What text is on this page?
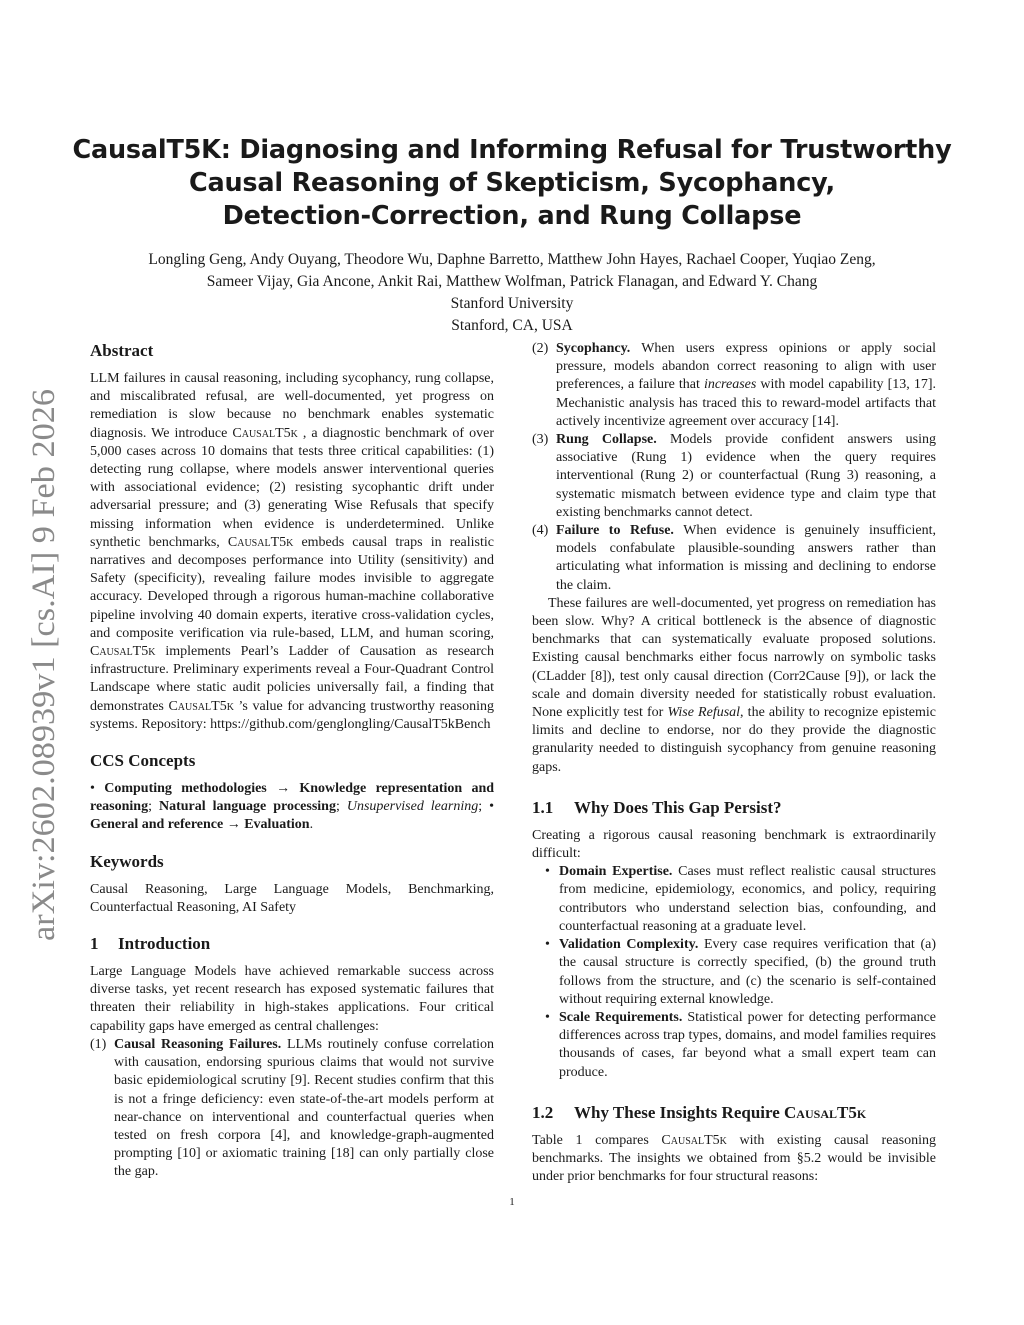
arXiv:2602.08939v1 [cs.AI] 9 Feb 2026
CausalT5K: Diagnosing and Informing Refusal for Trustworthy
Causal Reasoning of Skepticism, Sycophancy,
Detection-Correction, and Rung Collapse
Longling Geng, Andy Ouyang, Theodore Wu, Daphne Barretto, Matthew John Hayes, Rachael Cooper, Yuqiao Zeng,
Sameer Vijay, Gia Ancone, Ankit Rai, Matthew Wolfman, Patrick Flanagan, and Edward Y. Chang
Stanford University
Stanford, CA, USA
Abstract

LLM failures in causal reasoning, including sycophancy, rung collapse, and miscalibrated refusal, are well-documented, yet progress on remediation is slow because no benchmark enables systematic diagnosis. We introduce CausalT5k , a diagnostic benchmark of over 5,000 cases across 10 domains that tests three critical capabilities: (1) detecting rung collapse, where models answer interventional queries with associational evidence; (2) resisting sycophantic drift under adversarial pressure; and (3) generating Wise Refusals that specify missing information when evidence is underdetermined. Unlike synthetic benchmarks, CausalT5k embeds causal traps in realistic narratives and decomposes performance into Utility (sensitivity) and Safety (specificity), revealing failure modes invisible to aggregate accuracy. Developed through a rigorous human-machine collaborative pipeline involving 40 domain experts, iterative cross-validation cycles, and composite verification via rule-based, LLM, and human scoring, CausalT5k implements Pearl’s Ladder of Causation as research infrastructure. Preliminary experiments reveal a Four-Quadrant Control Landscape where static audit policies universally fail, a finding that demonstrates CausalT5k ’s value for advancing trustworthy reasoning systems. Repository: https://github.com/genglongling/CausalT5kBench

CCS Concepts

• Computing methodologies → Knowledge representation and reasoning; Natural language processing; Unsupervised learning; • General and reference → Evaluation.

Keywords

Causal Reasoning, Large Language Models, Benchmarking, Counterfactual Reasoning, AI Safety

1 Introduction

Large Language Models have achieved remarkable success across diverse tasks, yet recent research has exposed systematic failures that threaten their reliability in high-stakes applications. Four critical capability gaps have emerged as central challenges:

(1) Causal Reasoning Failures. LLMs routinely confuse correlation with causation, endorsing spurious claims that would not survive basic epidemiological scrutiny [9]. Recent studies confirm that this is not a fringe deficiency: even state-of-the-art models perform at near-chance on interventional and counterfactual queries when tested on fresh corpora [4], and knowledge-graph-augmented prompting [10] or axiomatic training [18] can only partially close the gap.
(2) Sycophancy. When users express opinions or apply social pressure, models abandon correct reasoning to align with user preferences, a failure that increases with model capability [13, 17]. Mechanistic analysis has traced this to reward-model artifacts that actively incentivize agreement over accuracy [14].
(3) Rung Collapse. Models provide confident answers using associative (Rung 1) evidence when the query requires interventional (Rung 2) or counterfactual (Rung 3) reasoning, a systematic mismatch between evidence type and claim type that existing benchmarks cannot detect.
(4) Failure to Refuse. When evidence is genuinely insufficient, models confabulate plausible-sounding answers rather than articulating what information is missing and declining to endorse the claim.

These failures are well-documented, yet progress on remediation has been slow. Why? A critical bottleneck is the absence of diagnostic benchmarks that can systematically evaluate proposed solutions. Existing causal benchmarks either focus narrowly on symbolic tasks (CLadder [8]), test only causal direction (Corr2Cause [9]), or lack the scale and domain diversity needed for statistically robust evaluation. None explicitly test for Wise Refusal, the ability to recognize epistemic limits and decline to endorse, nor do they provide the diagnostic granularity needed to distinguish sycophancy from genuine reasoning gaps.

1.1 Why Does This Gap Persist?

Creating a rigorous causal reasoning benchmark is extraordinarily difficult:

• Domain Expertise. Cases must reflect realistic causal structures from medicine, epidemiology, economics, and policy, requiring contributors who understand selection bias, confounding, and counterfactual reasoning at a graduate level.
• Validation Complexity. Every case requires verification that (a) the causal structure is correctly specified, (b) the ground truth follows from the structure, and (c) the scenario is self-contained without requiring external knowledge.
• Scale Requirements. Statistical power for detecting performance differences across trap types, domains, and model families requires thousands of cases, far beyond what a small expert team can produce.
1.2 Why These Insights Require CausalT5k

Table 1 compares CausalT5k with existing causal reasoning benchmarks. The insights we obtained from §5.2 would be invisible under prior benchmarks for four structural reasons:

1
